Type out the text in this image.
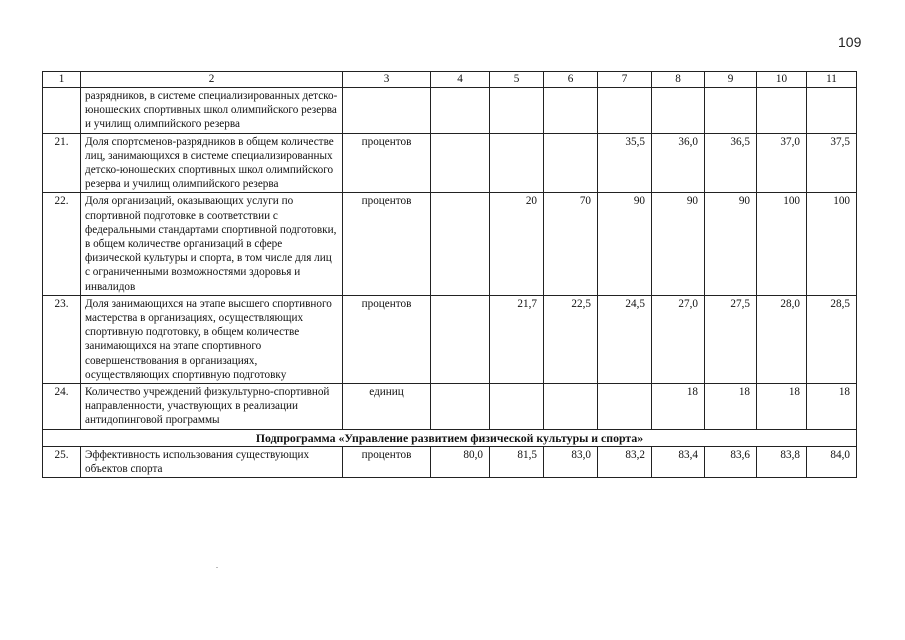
109
1	2	3	4	5	6	7	8	9	10	11
	разрядников, в системе специализированных детско-юношеских спортивных школ олимпийского резерва и училищ олимпийского резерва									
21.	Доля спортсменов-разрядников в общем количестве лиц, занимающихся в системе специализированных детско-юношеских спортивных школ олимпийского резерва и училищ олимпийского резерва	процентов				35,5	36,0	36,5	37,0	37,5
22.	Доля организаций, оказывающих услуги по спортивной подготовке в соответствии с федеральными стандартами спортивной подготовки, в общем количестве организаций в сфере физической культуры и спорта, в том числе для лиц с ограниченными возможностями здоровья и инвалидов	процентов		20	70	90	90	90	100	100
23.	Доля занимающихся на этапе высшего спортивного мастерства в организациях, осуществляющих спортивную подготовку, в общем количестве занимающихся на этапе спортивного совершенствования в организациях, осуществляющих спортивную подготовку	процентов		21,7	22,5	24,5	27,0	27,5	28,0	28,5
24.	Количество учреждений физкультурно-спортивной направленности, участвующих в реализации антидопинговой программы	единиц					18	18	18	18
Подпрограмма «Управление развитием физической культуры и спорта»										
25.	Эффективность использования существующих объектов спорта	процентов	80,0	81,5	83,0	83,2	83,4	83,6	83,8	84,0
